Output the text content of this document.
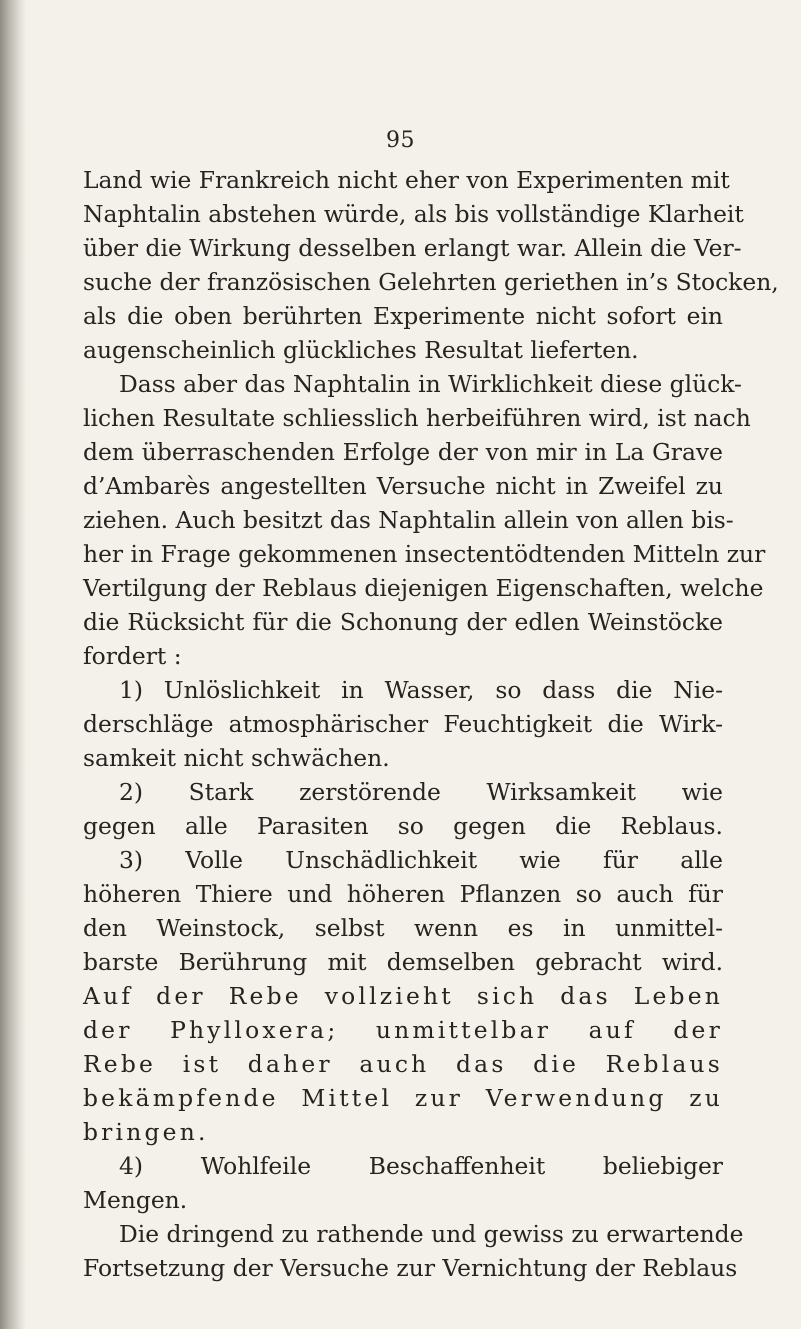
95
Land wie Frankreich nicht eher von Experimenten mit
Naphtalin abstehen würde, als bis vollständige Klarheit
über die Wirkung desselben erlangt war. Allein die Ver-
suche der französischen Gelehrten geriethen in’s Stocken,
als die oben berührten Experimente nicht sofort ein
augenscheinlich glückliches Resultat lieferten.
Dass aber das Naphtalin in Wirklichkeit diese glück-
lichen Resultate schliesslich herbeiführen wird, ist nach
dem überraschenden Erfolge der von mir in La Grave
d’Ambarès angestellten Versuche nicht in Zweifel zu
ziehen. Auch besitzt das Naphtalin allein von allen bis-
her in Frage gekommenen insectentödtenden Mitteln zur
Vertilgung der Reblaus diejenigen Eigenschaften, welche
die Rücksicht für die Schonung der edlen Weinstöcke
fordert :
1) Unlöslichkeit in Wasser, so dass die Nie-
derschläge atmosphärischer Feuchtigkeit die Wirk-
samkeit nicht schwächen.
2) Stark zerstörende Wirksamkeit wie
gegen alle Parasiten so gegen die Reblaus.
3) Volle Unschädlichkeit wie für alle
höheren Thiere und höheren Pflanzen so auch für
den Weinstock, selbst wenn es in unmittel-
barste Berührung mit demselben gebracht wird.
Auf der Rebe vollzieht sich das Leben
der Phylloxera; unmittelbar auf der
Rebe ist daher auch das die Reblaus
bekämpfende Mittel zur Verwendung zu
bringen.
4) Wohlfeile Beschaffenheit beliebiger
Mengen.
Die dringend zu rathende und gewiss zu erwartende
Fortsetzung der Versuche zur Vernichtung der Reblaus
